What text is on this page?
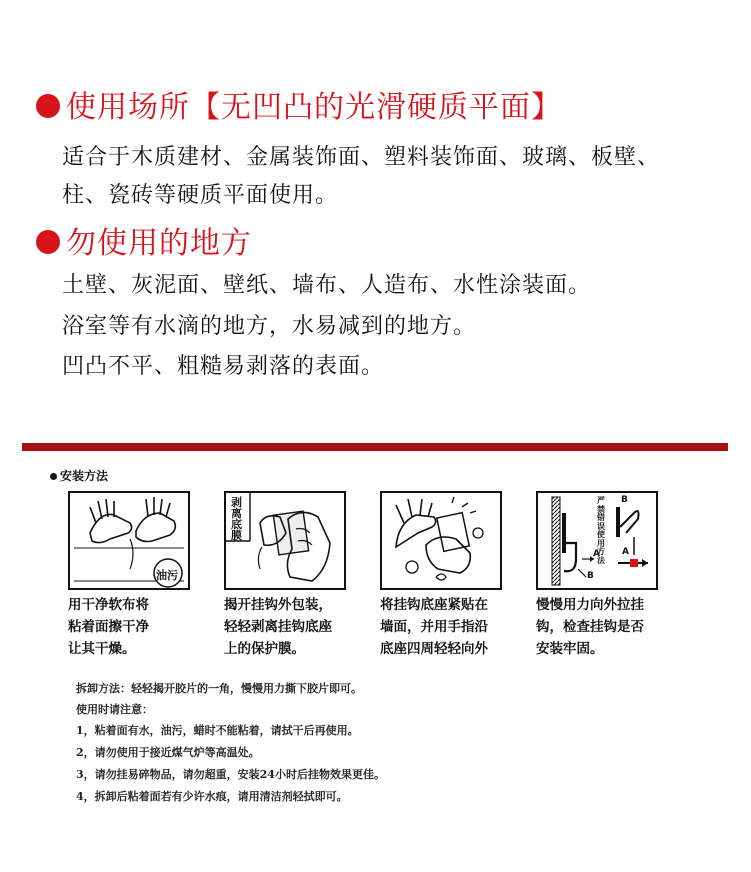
使用场所【无凹凸的光滑硬质平面】
适合于木质建材、金属装饰面、塑料装饰面、玻璃、板壁、
柱、瓷砖等硬质平面使用。
勿使用的地方
土壁、灰泥面、壁纸、墙布、人造布、水性涂装面。
浴室等有水滴的地方，水易减到的地方。
凹凸不平、粗糙易剥落的表面。
安装方法
油污
用干净软布将
粘着面擦干净
让其干燥。
剥离底膜
揭开挂钩外包装，
轻轻剥离挂钩底座
上的保护膜。
将挂钩底座紧贴在
墙面，并用手指沿
底座四周轻轻向外
严禁错误使用方法
B
A A
B
慢慢用力向外拉挂
钩，检查挂钩是否
安装牢固。
拆卸方法：轻轻揭开胶片的一角，慢慢用力撕下胶片即可。
使用时请注意：
1，粘着面有水，油污，蜡时不能粘着，请拭干后再使用。
2，请勿使用于接近煤气炉等高温处。
3，请勿挂易碎物品，请勿超重，安装24小时后挂物效果更佳。
4，拆卸后粘着面若有少许水痕，请用清洁剂轻拭即可。
